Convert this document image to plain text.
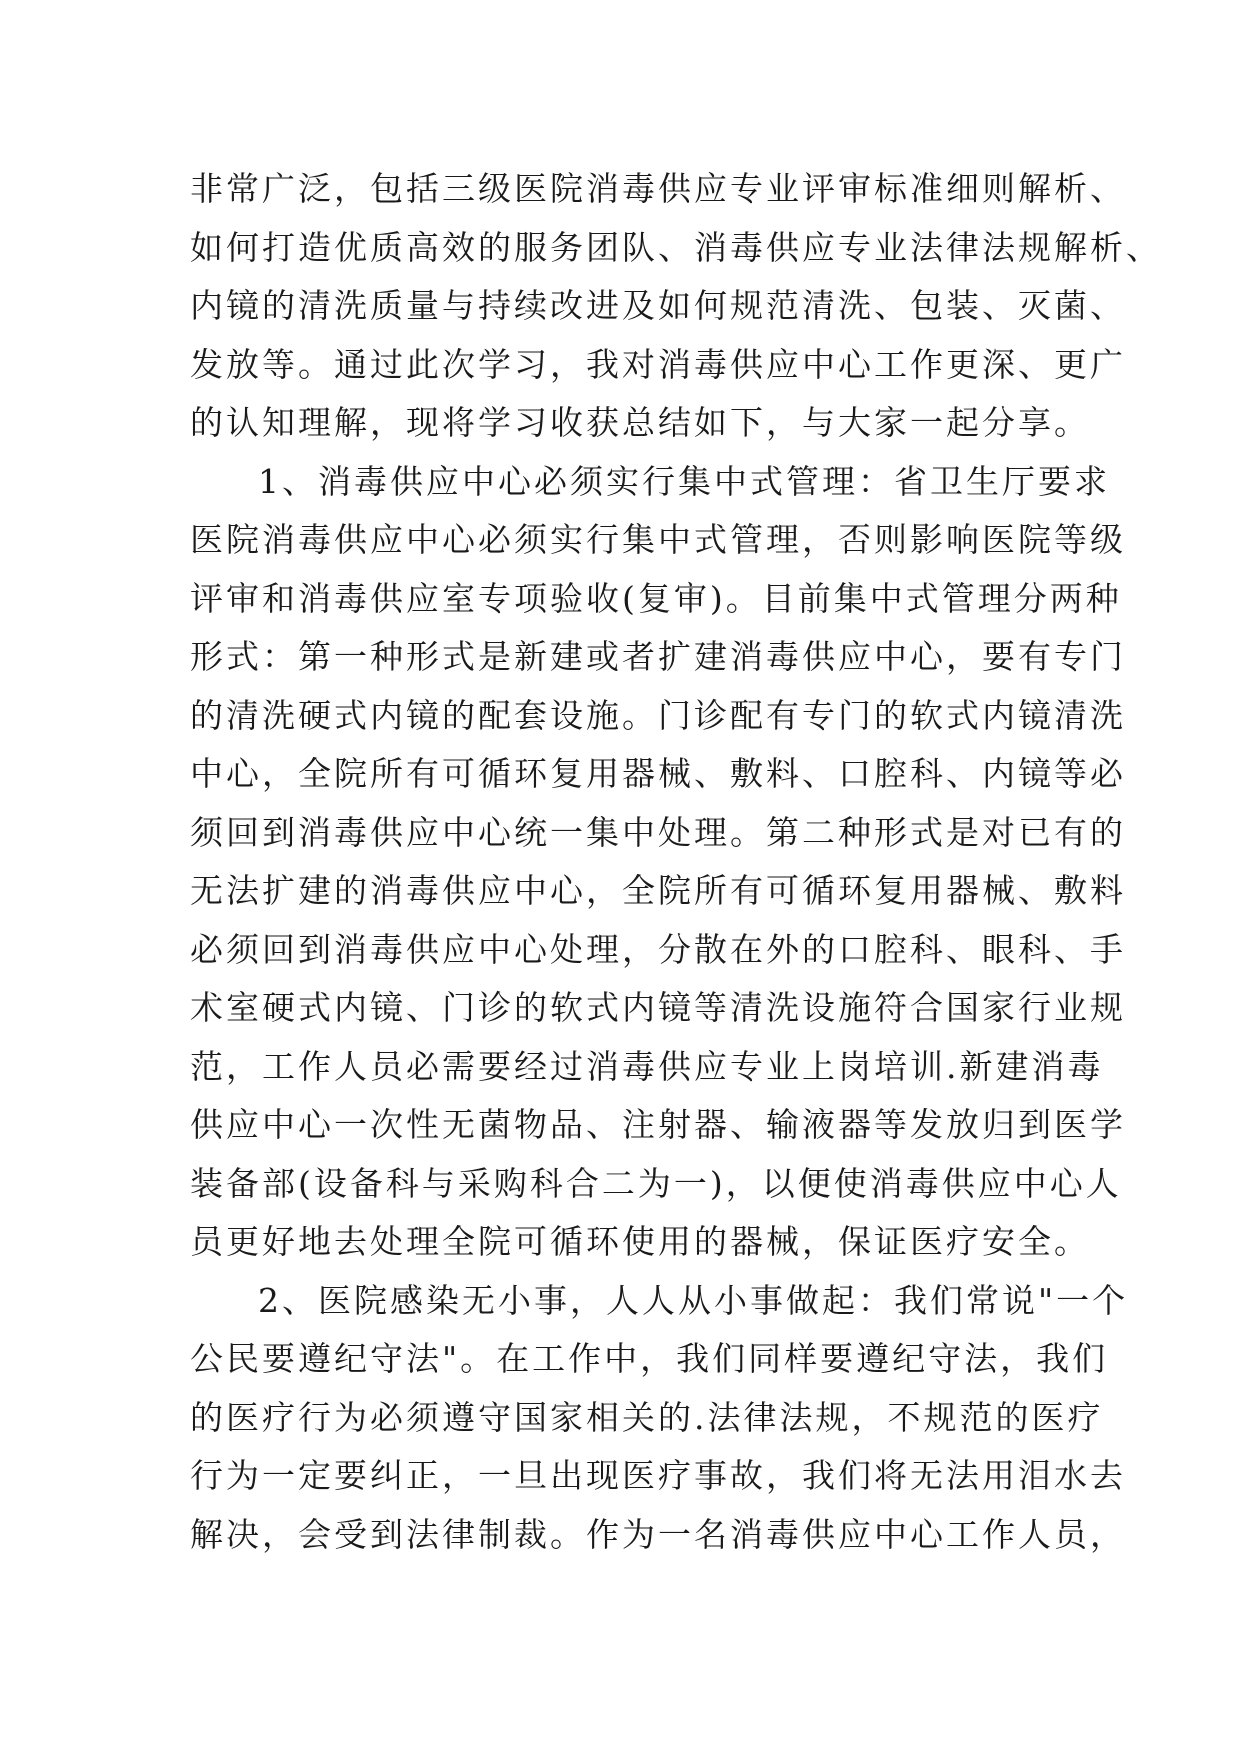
非常广泛，包括三级医院消毒供应专业评审标准细则解析、
如何打造优质高效的服务团队、消毒供应专业法律法规解析、
内镜的清洗质量与持续改进及如何规范清洗、包装、灭菌、
发放等。通过此次学习，我对消毒供应中心工作更深、更广
的认知理解，现将学习收获总结如下，与大家一起分享。
1、消毒供应中心必须实行集中式管理：省卫生厅要求
医院消毒供应中心必须实行集中式管理，否则影响医院等级
评审和消毒供应室专项验收(复审)。目前集中式管理分两种
形式：第一种形式是新建或者扩建消毒供应中心，要有专门
的清洗硬式内镜的配套设施。门诊配有专门的软式内镜清洗
中心，全院所有可循环复用器械、敷料、口腔科、内镜等必
须回到消毒供应中心统一集中处理。第二种形式是对已有的
无法扩建的消毒供应中心，全院所有可循环复用器械、敷料
必须回到消毒供应中心处理，分散在外的口腔科、眼科、手
术室硬式内镜、门诊的软式内镜等清洗设施符合国家行业规
范，工作人员必需要经过消毒供应专业上岗培训.新建消毒
供应中心一次性无菌物品、注射器、输液器等发放归到医学
装备部(设备科与采购科合二为一)，以便使消毒供应中心人
员更好地去处理全院可循环使用的器械，保证医疗安全。
2、医院感染无小事，人人从小事做起：我们常说"一个
公民要遵纪守法"。在工作中，我们同样要遵纪守法，我们
的医疗行为必须遵守国家相关的.法律法规，不规范的医疗
行为一定要纠正，一旦出现医疗事故，我们将无法用泪水去
解决，会受到法律制裁。作为一名消毒供应中心工作人员，
